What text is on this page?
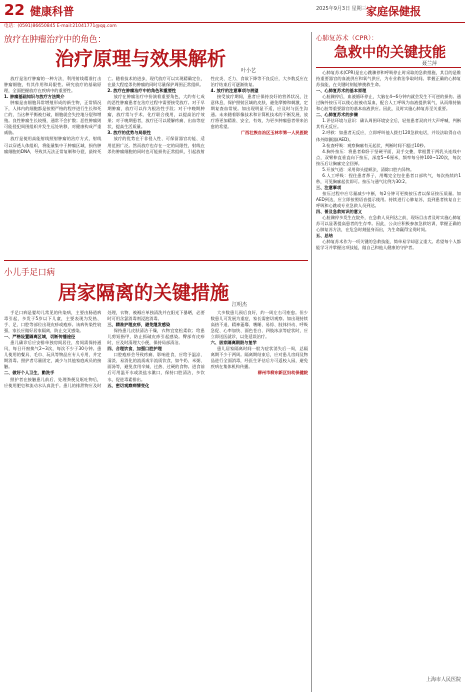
22 健康科普	2025年9月3日 星期三 家庭保健报
电话：(0591)86650845 E-mail:21041771@qq.com
放疗在肿瘤治疗中的角色：
治疗原理与效果解析
叶小艺

放疗是治疗肿瘤的一种方法，利用射线精准打击肿瘤细胞，有其作用和局限性。研究放疗的基础原理，全面把握放疗在疾病中的重要性。

1. 肿瘤基础知识与放疗方法简介

肿瘤是由细胞异常增殖形成的新生物，正常情况下，人体内的细胞都是按照严格的程序进行生长和死亡的，当这种平衡被打破，细胞就会失控地分裂和增殖。良性肿瘤生长较慢，通常不会扩散；恶性肿瘤则可能侵犯周围组织并发生远处转移，对健康构成严重威胁。

放疗是使用高能射线照射肿瘤的治疗方式，射线可以穿透人体组织，将能量集中于肿瘤区域，损伤肿瘤细胞的DNA，导致其无法正常复制和分裂，最终死亡。随着技术的进步，现代放疗可以实现精确定位，在最大程度杀伤肿瘤的同时尽量保护周围正常组织。

2. 放疗在肿瘤治疗中的角色和重要性

放疗在肿瘤治疗中扮演着重要角色，大约有七成的恶性肿瘤患者在治疗过程中需要接受放疗。对于早期肿瘤，放疗可以作为根治性手段；对于中晚期肿瘤，放疗常与手术、化疗联合使用，以提高治疗效果；对于晚期患者，放疗还可以缓解疼痛、出血等症状，提高生活质量。

3. 放疗的优势与局限性

放疗的优势在于非侵入性、可保留器官功能、适用范围广泛。然而放疗也存在一定的局限性，射线在杀伤肿瘤细胞的同时也可能损伤正常组织，引起放射性皮炎、乏力、食欲下降等不良反应，大多数反应在治疗结束后可逐渐恢复。

4. 放疗的注意事项与展望

接受放疗期间，患者应保持良好的营养状况，注意休息，保护照射区域的皮肤，避免摩擦和刺激，定期复查血常规。如出现明显不适，应及时与医生沟通。未来随着影像技术和计算机技术的不断发展，放疗将更加精准、安全、有效，为更多肿瘤患者带来治愈的希望。

广西壮族自治区玉林市第一人民医院

小儿手足口病
居家隔离的关键措施
江明杰

手足口病是婴幼儿常见的传染病，主要由肠道病毒引起，多发于5岁以下儿童，主要表现为发热、手、足、口腔等部位出现皮疹或疱疹。该病传染性较强，家长应做好居家隔离，防止交叉感染。

一、严格设置隔离区域，切断传播途径

患儿确诊后应安排单独房间居住，房间需保持通风，每日开窗换气2~3次，每次不少于30分钟。患儿使用的餐具、毛巾、玩具等物品应专人专用，并定期消毒。照护者尽量固定，减少与其他家庭成员的接触。

二、做好个人卫生，勤洗手

照护者在接触患儿前后、处理粪便及呕吐物后，应使用肥皂和流动水认真洗手。患儿的排泄物应及时处理，衣物、被褥应单独清洗并在阳光下暴晒，必要时可用含氯消毒剂浸泡消毒。

三、精准护理皮疹，避免继发感染

保持患儿皮肤清洁干燥，衣物宜宽松柔软；给患儿剪短指甲，防止抓破皮疹引起感染。臀部有皮疹时，应及时清理大小便，保持局部清洁。

四、合理饮食，加强口腔护理

口腔疱疹会导致疼痛、影响进食，应给予温凉、清淡、易消化的流质或半流质饮食，如牛奶、米粥、面汤等，避免食用辛辣、过热、过硬的食物。进食前后可用温开水或淡盐水漱口，保持口腔清洁，多饮水，促进毒素排出。

五、密切观察病情变化

大多数患儿预后良好，约一周左右可痊愈。但少数患儿可发展为重症，家长需密切观察。如出现持续高热不退、精神萎靡、嗜睡、易惊、肢体抖动、呼吸急促、心率加快、面色苍白、四肢冰凉等症状时，应立即送医就诊，以免延误治疗。

六、居家隔离期限与复学

患儿居家隔离时间一般为症状消失后一周，总隔离期不少于两周。隔离期结束后，应对患儿房间及物品进行全面消毒，经医生评估后方可返校入园，避免疾病在集体机构传播。

柳州市柳东新区妇幼保健院

心肺复苏术（CPR）：
急救中的关键技能
聂兰萍

心肺复苏术(CPR)是在心跳骤停和呼吸停止时采取的急救措施，其目的是维持重要器官的血液供应和氧气供应，为专业救治争取时间。掌握正确的心肺复苏技能，在关键时刻能够挽救生命。

一、心肺复苏术的基本原理

心脏骤停后，血液循环停止，大脑在4~6分钟内就会发生不可逆的损伤。通过胸外按压可以使心脏被动泵血，配合人工呼吸为血液提供氧气，从而维持脑和心脏等重要器官的基本血液供应。因此，及时实施心肺复苏至关重要。

二、心肺复苏术的步骤

1.评估环境与意识：确认周围环境安全后，轻拍患者双肩并大声呼喊，判断其有无反应。

2.呼救：如患者无反应，立即呼叫他人拨打120急救电话，并设法取得自动体外除颤器(AED)。

3.检查呼吸：观察胸廓有无起伏，判断时间不超过10秒。

4.胸外按压：将患者仰卧于坚硬平面，双手交叠，掌根置于两乳头连线中点，双臂伸直垂直向下按压，深度5~6厘米，频率每分钟100~120次，每次按压后让胸廓完全回弹。

5.开放气道：采用仰头提颏法，清除口腔内异物。

6.人工呼吸：捏住患者鼻子，用嘴完全包住患者口部吹气，每次持续约1秒，可见胸廓起伏即可。按压与通气比例为30:2。

三、注意事项

按压过程中应尽量减少中断，每2分钟可更换按压者以保证按压质量。如AED到达，应立即按照语音提示使用。持续进行心肺复苏，直到患者恢复自主呼吸和心跳或专业急救人员到达。

四、普及急救知识的意义

心脏骤停多发生在院外，在急救人员到达之前，现场目击者及时实施心肺复苏可以显著提高患者的生存率。因此，公众应积极参加急救培训，掌握正确的心肺复苏方法，在危急时刻挺身而出，为生命赢得宝贵时间。

五、总结

心肺复苏术作为一项关键的急救技能，简单易学却意义重大。希望每个人都能学习并掌握这项技能，做自己和他人健康的守护者。

上海市人民医院
